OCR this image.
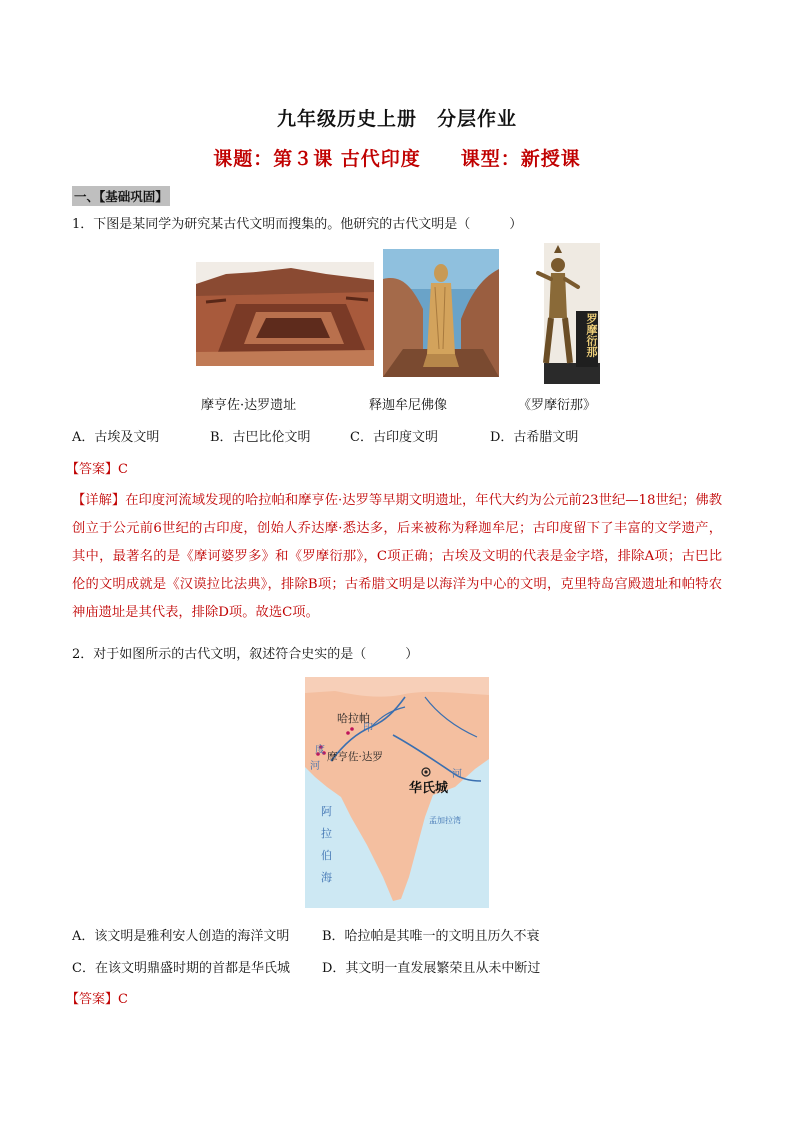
九年级历史上册　分层作业
课题：第３课 古代印度　　课型：新授课
一、【基础巩固】
1．下图是某同学为研究某古代文明而搜集的。他研究的古代文明是（　　　）
罗摩衍那
摩亨佐·达罗遗址	释迦牟尼佛像	《罗摩衍那》
A．古埃及文明	B．古巴比伦文明	C．古印度文明	D．古希腊文明
【答案】C
【详解】在印度河流域发现的哈拉帕和摩亨佐·达罗等早期文明遗址，年代大约为公元前23世纪—18世纪；佛教创立于公元前6世纪的古印度，创始人乔达摩·悉达多，后来被称为释迦牟尼；古印度留下了丰富的文学遗产，其中，最著名的是《摩诃婆罗多》和《罗摩衍那》，C项正确；古埃及文明的代表是金字塔，排除A项；古巴比伦的文明成就是《汉谟拉比法典》，排除B项；古希腊文明是以海洋为中心的文明，克里特岛宫殿遗址和帕特农神庙遗址是其代表，排除D项。故选C项。
2．对于如图所示的古代文明，叙述符合史实的是（　　　）
哈拉帕
摩亨佐·达罗
华氏城
印
度
河
河
阿
拉
伯
海
孟加拉湾
A．该文明是雅利安人创造的海洋文明	B．哈拉帕是其唯一的文明且历久不衰
C．在该文明鼎盛时期的首都是华氏城 D．其文明一直发展繁荣且从未中断过
【答案】C
